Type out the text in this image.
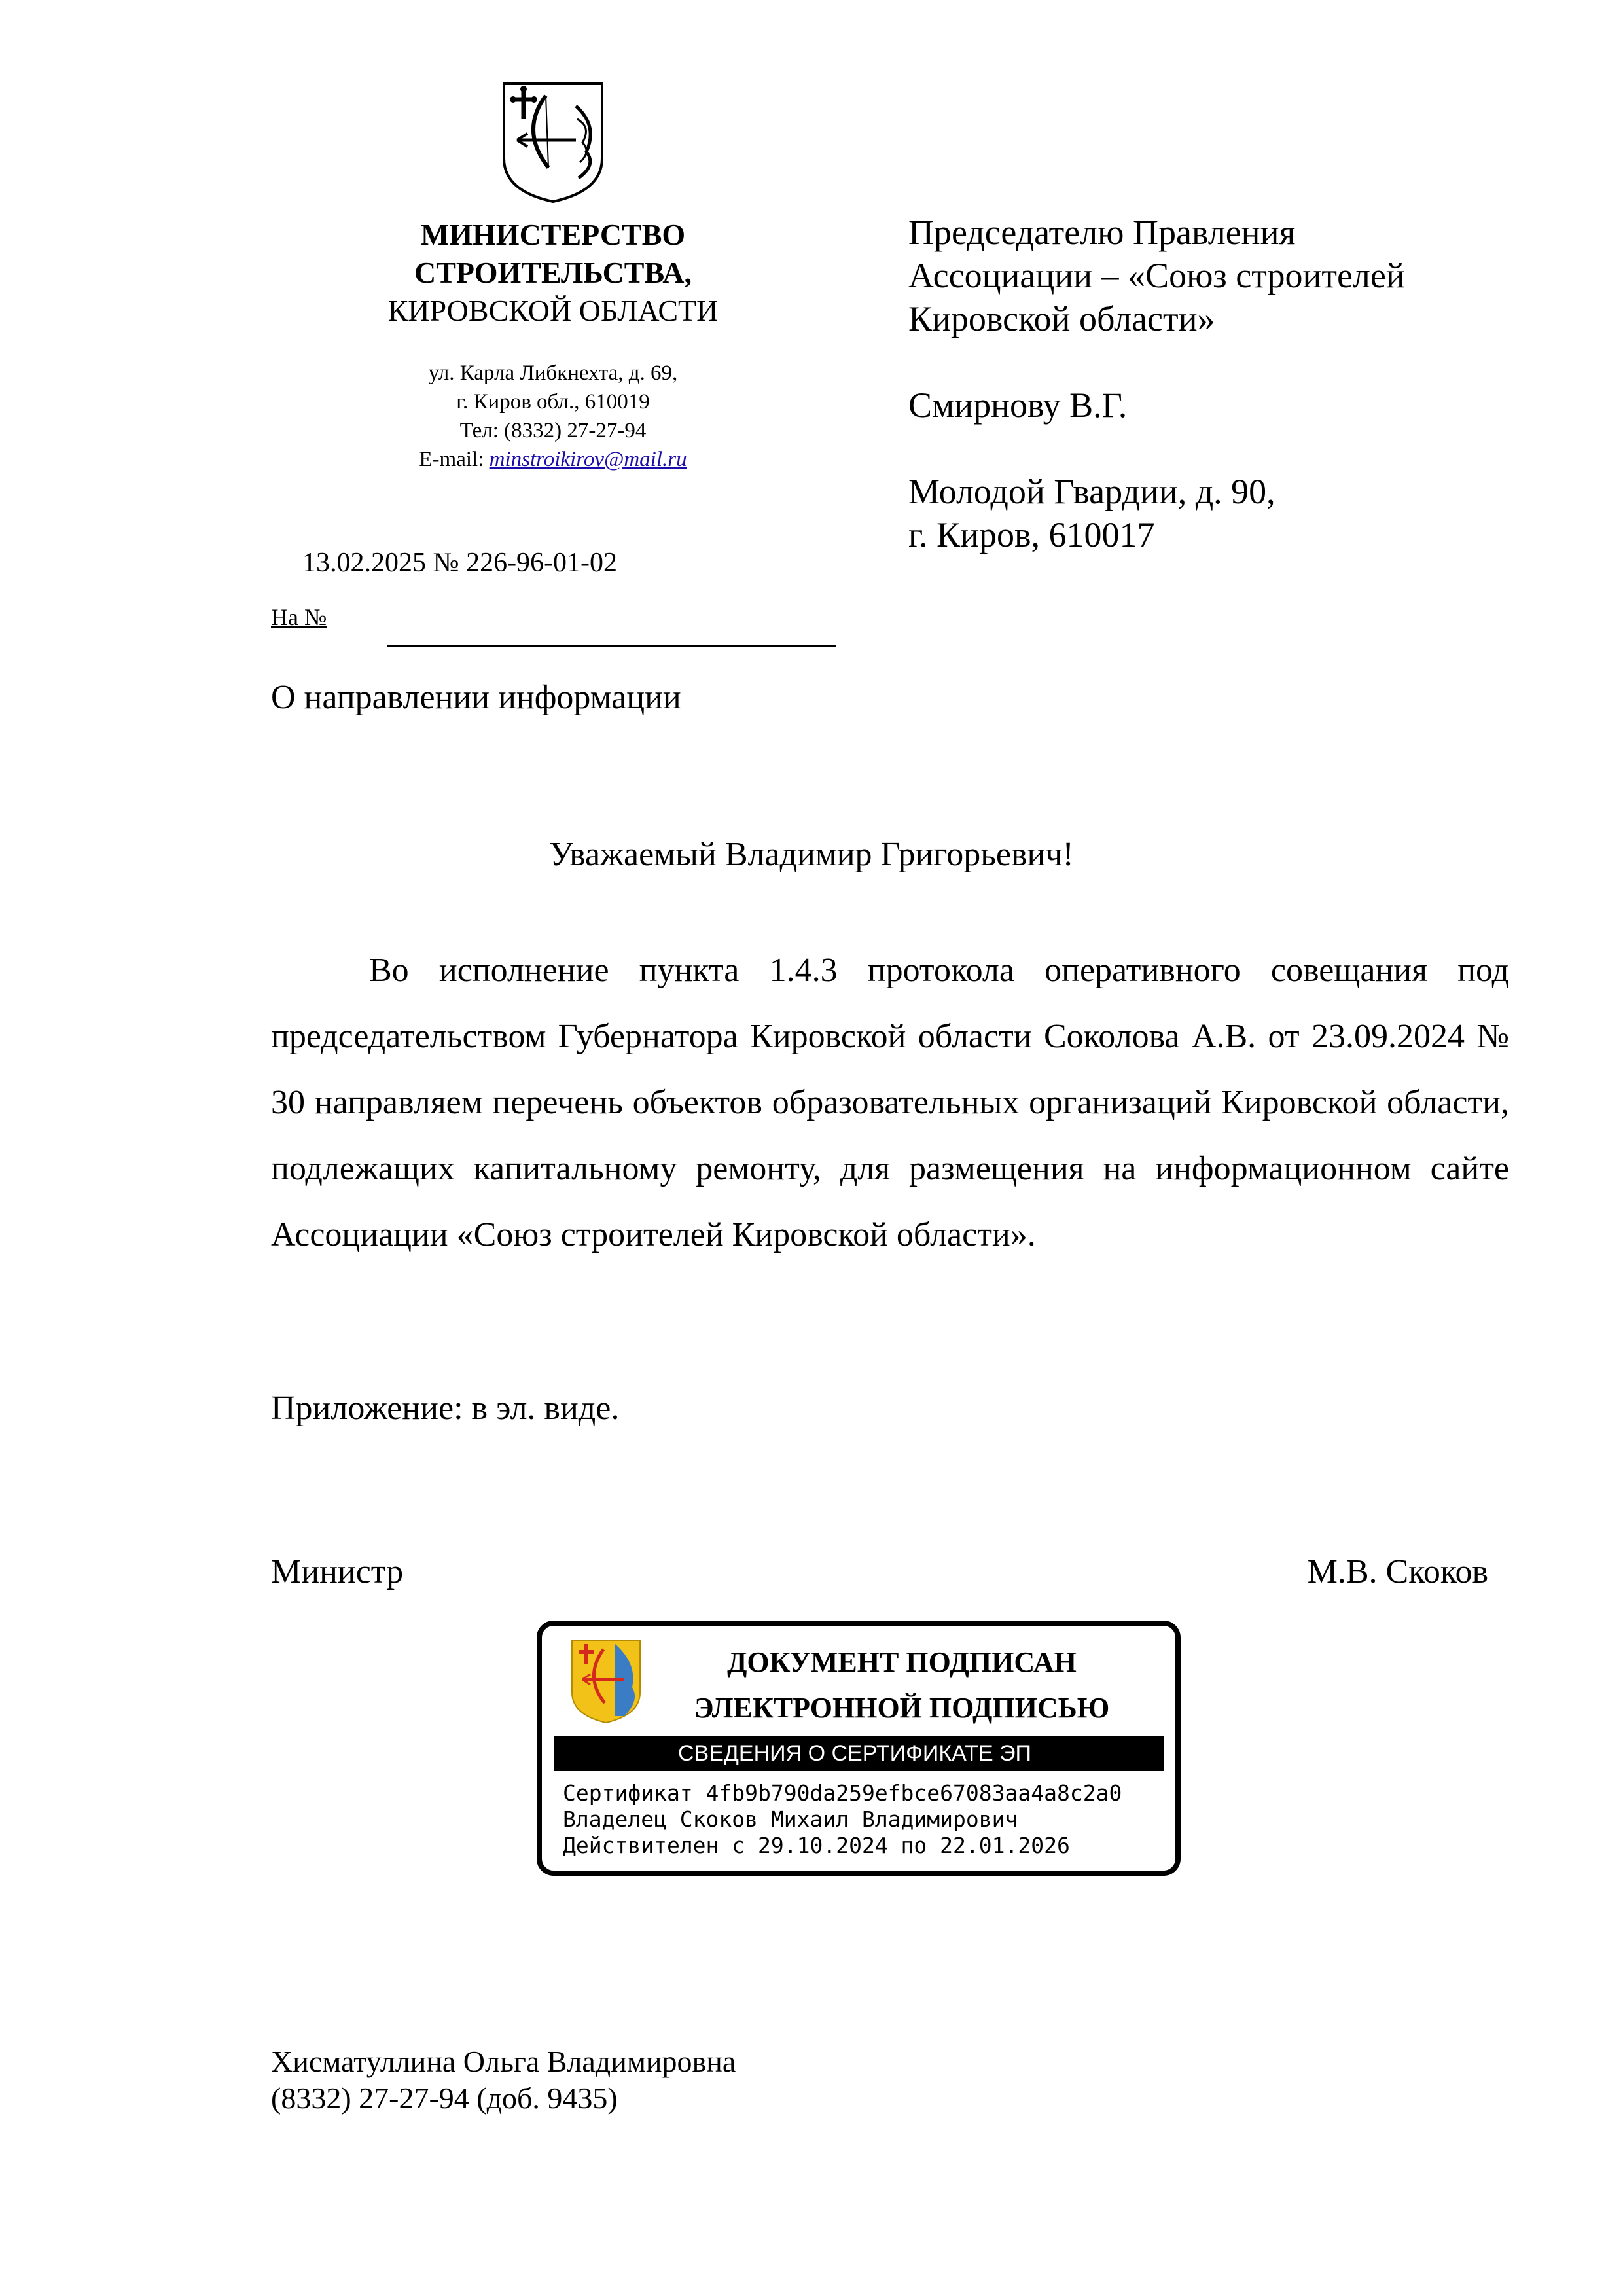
МИНИСТЕРСТВО
СТРОИТЕЛЬСТВА,
КИРОВСКОЙ ОБЛАСТИ
ул. Карла Либкнехта, д. 69,
г. Киров обл., 610019
Тел: (8332) 27-27-94
E-mail: minstroikirov@mail.ru
13.02.2025 № 226-96-01-02
На №
Председателю Правления
Ассоциации – «Союз строителей
Кировской области»
Смирнову В.Г.
Молодой Гвардии, д. 90,
г. Киров, 610017
О направлении информации
Уважаемый Владимир Григорьевич!

Во исполнение пункта 1.4.3 протокола оперативного совещания под председательством Губернатора Кировской области Соколова А.В. от 23.09.2024 № 30 направляем перечень объектов образовательных организаций Кировской области, подлежащих капитальному ремонту, для размещения на информационном сайте Ассоциации «Союз строителей Кировской области».

Приложение: в эл. виде.
Министр	М.В. Скоков
ДОКУМЕНТ ПОДПИСАН
ЭЛЕКТРОННОЙ ПОДПИСЬЮ
СВЕДЕНИЯ О СЕРТИФИКАТЕ ЭП
Сертификат 4fb9b790da259efbce67083aa4a8c2a0
Владелец Скоков Михаил Владимирович
Действителен с 29.10.2024 по 22.01.2026
Хисматуллина Ольга Владимировна
(8332) 27-27-94 (доб. 9435)
